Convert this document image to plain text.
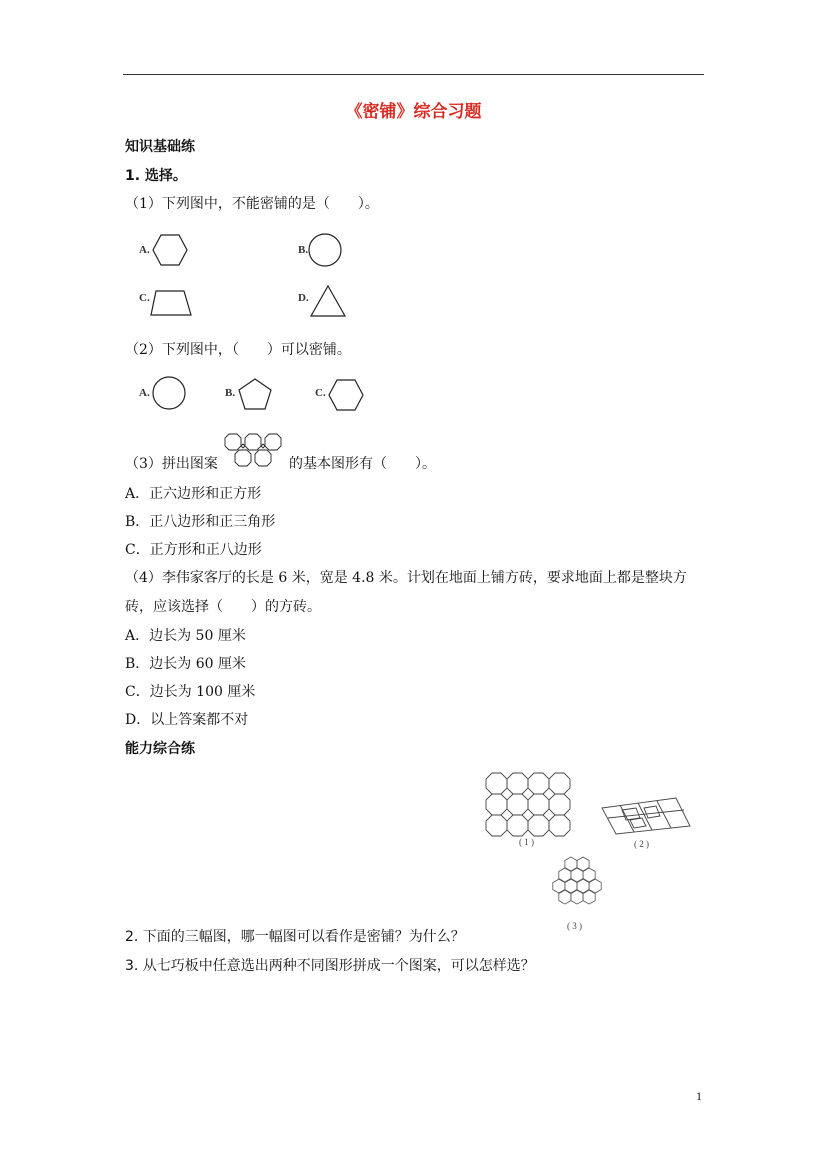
《密铺》综合习题
知识基础练
1. 选择。
（1）下列图中，不能密铺的是（　　）。
A.	B.
C.	D.
（2）下列图中，（　　）可以密铺。
A.	B.	C.
（3）拼出图案	的基本图形有（　　）。
A．正六边形和正方形
B．正八边形和正三角形
C．正方形和正八边形
（4）李伟家客厅的长是 6 米，宽是 4.8 米。计划在地面上铺方砖，要求地面上都是整块方
砖，应该选择（　　）的方砖。
A．边长为 50 厘米
B．边长为 60 厘米
C．边长为 100 厘米
D．以上答案都不对
能力综合练
( 1 )	( 2 )
( 3 )
2. 下面的三幅图，哪一幅图可以看作是密铺？为什么？
3. 从七巧板中任意选出两种不同图形拼成一个图案，可以怎样选？
1
